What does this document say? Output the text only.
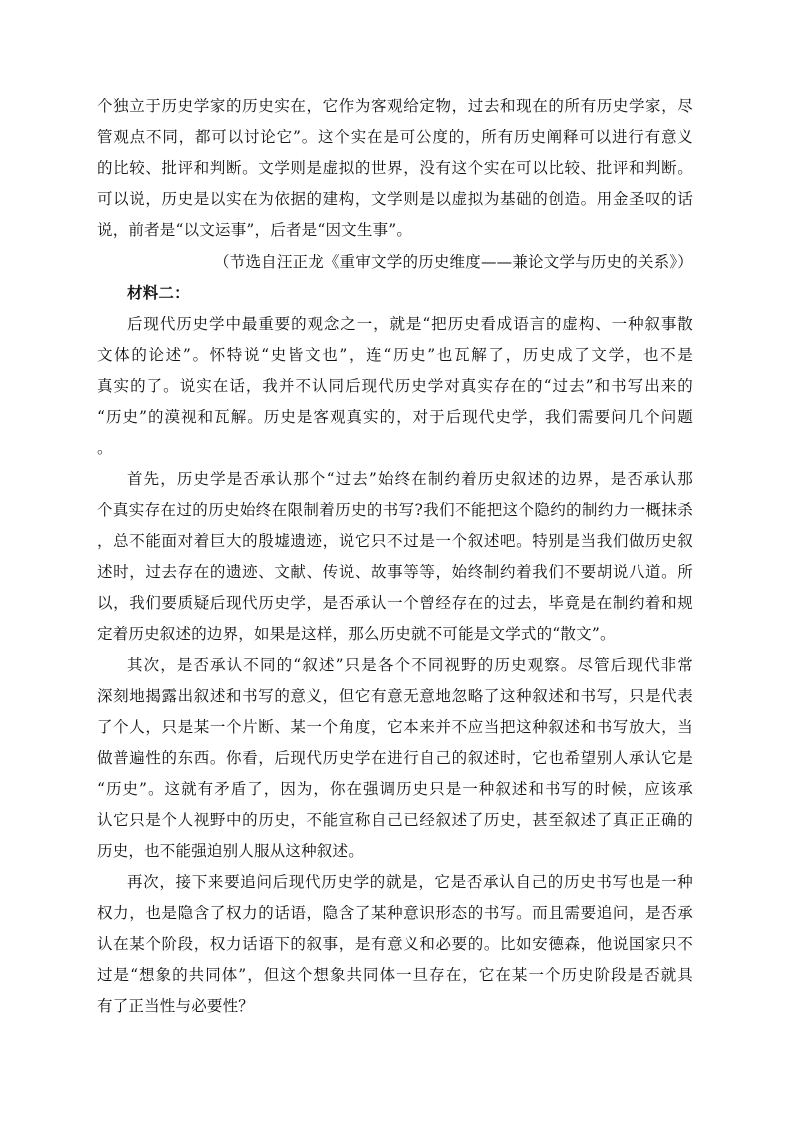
个独立于历史学家的历史实在，它作为客观给定物，过去和现在的所有历史学家，尽
管观点不同，都可以讨论它”。这个实在是可公度的，所有历史阐释可以进行有意义
的比较、批评和判断。文学则是虚拟的世界，没有这个实在可以比较、批评和判断。
可以说，历史是以实在为依据的建构，文学则是以虚拟为基础的创造。用金圣叹的话
说，前者是“以文运事”，后者是“因文生事”。
（节选自汪正龙《重审文学的历史维度——兼论文学与历史的关系》）
材料二：
后现代历史学中最重要的观念之一，就是“把历史看成语言的虚构、一种叙事散
文体的论述”。怀特说“史皆文也”，连“历史”也瓦解了，历史成了文学，也不是
真实的了。说实在话，我并不认同后现代历史学对真实存在的“过去”和书写出来的
“历史”的漠视和瓦解。历史是客观真实的，对于后现代史学，我们需要问几个问题
。
首先，历史学是否承认那个“过去”始终在制约着历史叙述的边界，是否承认那
个真实存在过的历史始终在限制着历史的书写?我们不能把这个隐约的制约力一概抹杀
，总不能面对着巨大的殷墟遗迹，说它只不过是一个叙述吧。特别是当我们做历史叙
述时，过去存在的遗迹、文献、传说、故事等等，始终制约着我们不要胡说八道。所
以，我们要质疑后现代历史学，是否承认一个曾经存在的过去，毕竟是在制约着和规
定着历史叙述的边界，如果是这样，那么历史就不可能是文学式的“散文”。
其次，是否承认不同的“叙述”只是各个不同视野的历史观察。尽管后现代非常
深刻地揭露出叙述和书写的意义，但它有意无意地忽略了这种叙述和书写，只是代表
了个人，只是某一个片断、某一个角度，它本来并不应当把这种叙述和书写放大，当
做普遍性的东西。你看，后现代历史学在进行自己的叙述时，它也希望别人承认它是
“历史”。这就有矛盾了，因为，你在强调历史只是一种叙述和书写的时候，应该承
认它只是个人视野中的历史，不能宣称自己已经叙述了历史，甚至叙述了真正正确的
历史，也不能强迫别人服从这种叙述。
再次，接下来要追问后现代历史学的就是，它是否承认自己的历史书写也是一种
权力，也是隐含了权力的话语，隐含了某种意识形态的书写。而且需要追问，是否承
认在某个阶段，权力话语下的叙事，是有意义和必要的。比如安德森，他说国家只不
过是“想象的共同体”，但这个想象共同体一旦存在，它在某一个历史阶段是否就具
有了正当性与必要性？
